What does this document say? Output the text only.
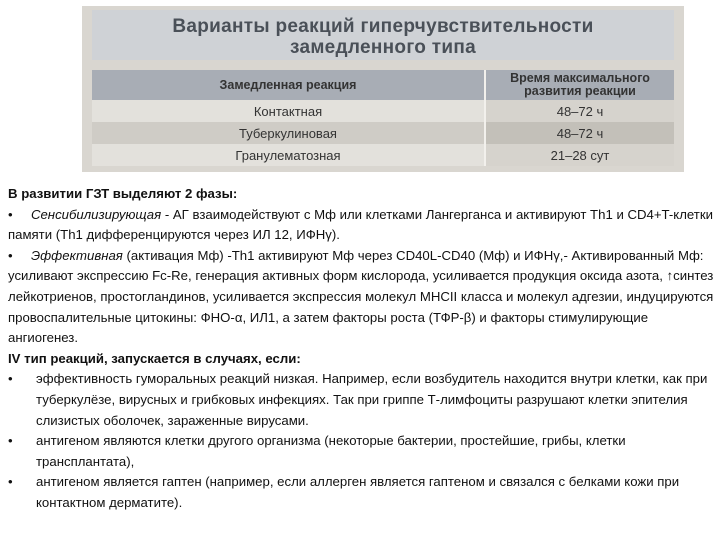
Варианты реакций гиперчувствительности
замедленного типа
Замедленная реакция	Время максимального развития реакции
Контактная	48–72 ч
Туберкулиновая	48–72 ч
Гранулематозная	21–28 сут

В развитии ГЗТ выделяют 2 фазы:

• Сенсибилизирующая - АГ взаимодействуют с Мф или клетками Лангерганса и активируют Th1 и CD4+T-клетки памяти (Th1 дифференцируются через ИЛ 12, ИФНγ).

• Эффективная (активация Мф) -Th1 активируют Мф через CD40L-CD40 (Мф) и ИФНγ,- Активированный Мф: усиливают экспрессию Fc-Re, генерация активных форм кислорода, усиливается продукция оксида азота, ↑синтез лейкотриенов, простогландинов, усиливается экспрессия молекул MHCII класса и молекул адгезии, индуцируются провоспалительные цитокины: ФНО-α, ИЛ1, а затем факторы роста (ТФР-β) и факторы стимулирующие ангиогенез.

IV тип реакций, запускается в случаях, если:

•	эффективность гуморальных реакций низкая. Например, если возбудитель находится внутри клетки, как при туберкулёзе, вирусных и грибковых инфекциях. Так при гриппе Т-лимфоциты разрушают клетки эпителия слизистых оболочек, зараженные вирусами.
•	антигеном являются клетки другого организма (некоторые бактерии, простейшие, грибы, клетки трансплантата),
•	антигеном является гаптен (например, если аллерген является гаптеном и связался с белками кожи при контактном дерматите).
